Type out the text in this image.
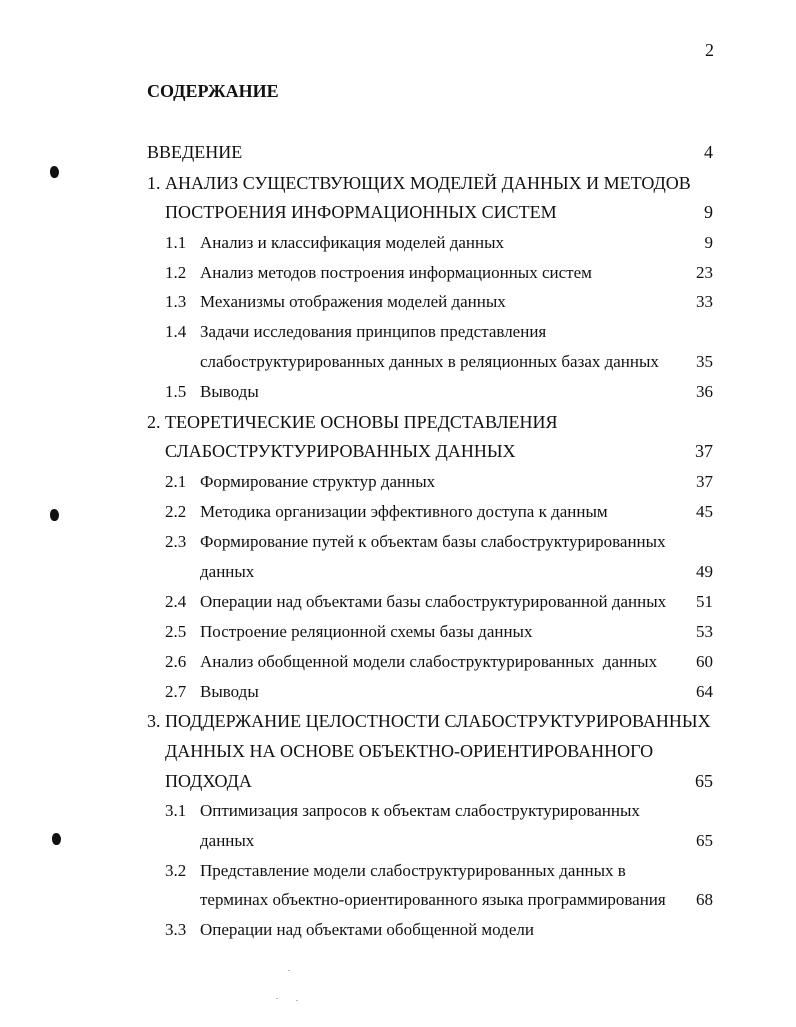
2
СОДЕРЖАНИЕ
ВВЕДЕНИЕ	4
1. АНАЛИЗ СУЩЕСТВУЮЩИХ МОДЕЛЕЙ ДАННЫХ И МЕТОДОВ
ПОСТРОЕНИЯ ИНФОРМАЦИОННЫХ СИСТЕМ	9
1.1 Анализ и классификация моделей данных	9
1.2 Анализ методов построения информационных систем	23
1.3 Механизмы отображения моделей данных	33
1.4 Задачи исследования принципов представления
слабоструктурированных данных в реляционных базах данных 35
1.5 Выводы	36
2. ТЕОРЕТИЧЕСКИЕ ОСНОВЫ ПРЕДСТАВЛЕНИЯ
СЛАБОСТРУКТУРИРОВАННЫХ ДАННЫХ	37
2.1 Формирование структур данных	37
2.2 Методика организации эффективного доступа к данным	45
2.3 Формирование путей к объектам базы слабоструктурированных
данных	49
2.4 Операции над объектами базы слабоструктурированной данных 51
2.5 Построение реляционной схемы базы данных	53
2.6 Анализ обобщенной модели слабоструктурированных  данных 60
2.7 Выводы	64
3. ПОДДЕРЖАНИЕ ЦЕЛОСТНОСТИ СЛАБОСТРУКТУРИРОВАННЫХ
ДАННЫХ НА ОСНОВЕ ОБЪЕКТНО-ОРИЕНТИРОВАННОГО
ПОДХОДА	65
3.1 Оптимизация запросов к объектам слабоструктурированных
данных	65
3.2 Представление модели слабоструктурированных данных в
терминах объектно-ориентированного языка программирования 68
3.3 Операции над объектами обобщенной модели
